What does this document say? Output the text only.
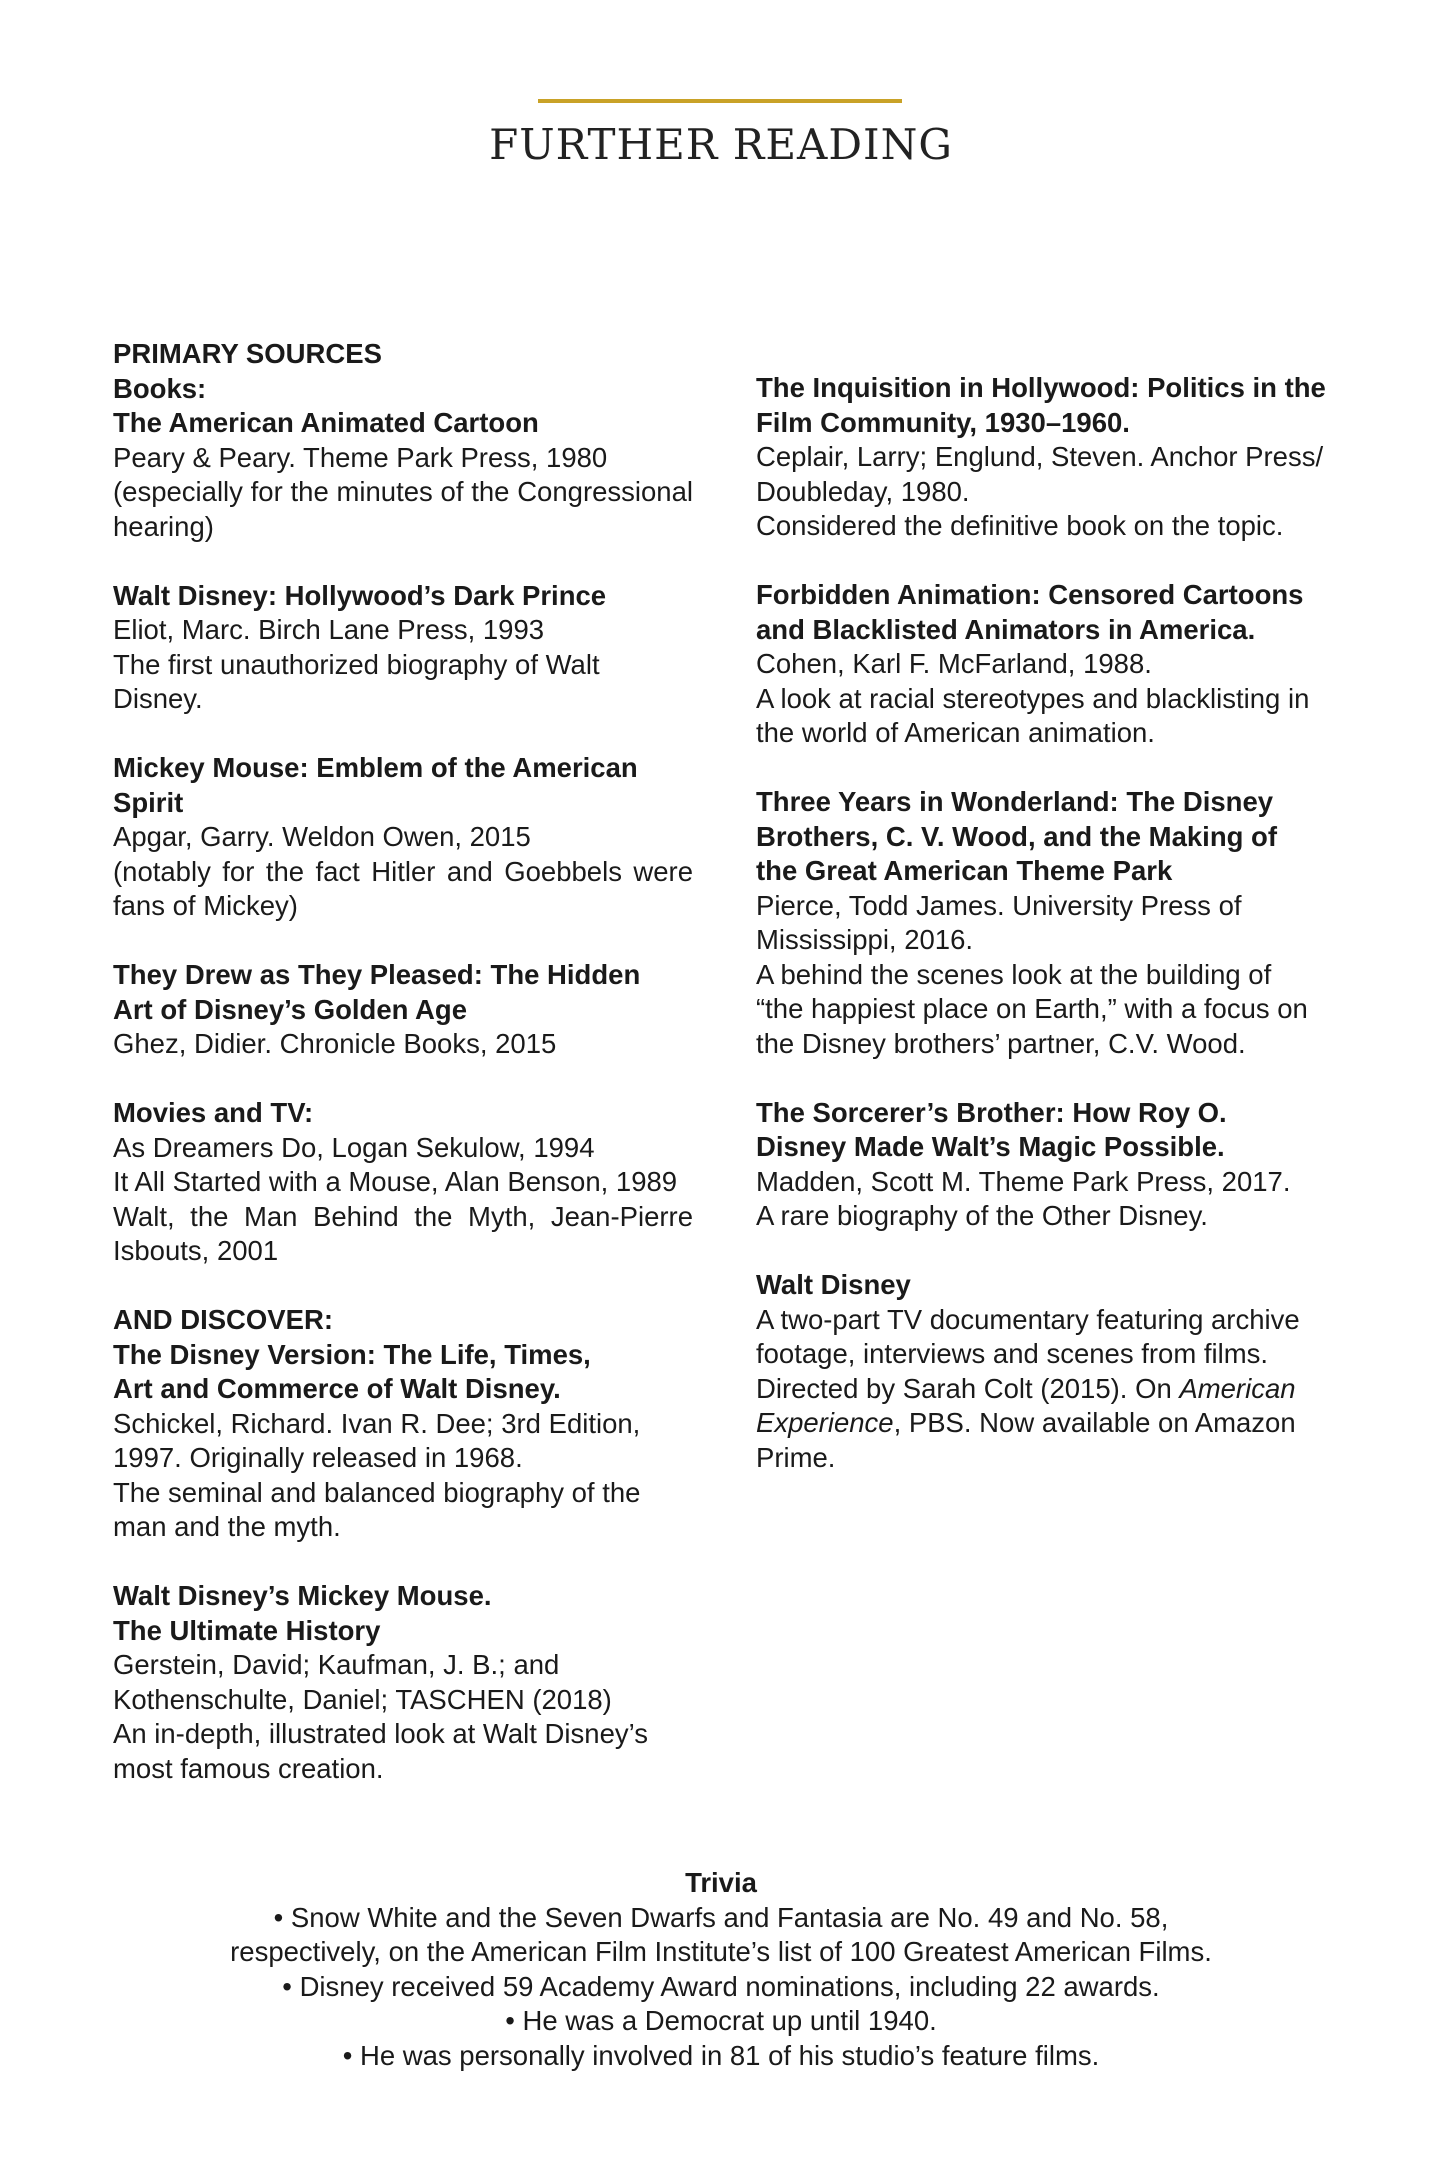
FURTHER READING
PRIMARY SOURCES
Books:
The American Animated Cartoon
Peary & Peary. Theme Park Press, 1980
(especially for the minutes of the Congressional hearing)
Walt Disney: Hollywood’s Dark Prince
Eliot, Marc. Birch Lane Press, 1993
The first unauthorized biography of Walt Disney.
Mickey Mouse: Emblem of the American Spirit
Apgar, Garry. Weldon Owen, 2015
(notably for the fact Hitler and Goebbels were fans of Mickey)
They Drew as They Pleased: The Hidden
Art of Disney’s Golden Age
Ghez, Didier. Chronicle Books, 2015
Movies and TV:
As Dreamers Do, Logan Sekulow, 1994
It All Started with a Mouse, Alan Benson, 1989
Walt, the Man Behind the Myth, Jean-Pierre Isbouts, 2001
AND DISCOVER:
The Disney Version: The Life, Times,
Art and Commerce of Walt Disney.
Schickel, Richard. Ivan R. Dee; 3rd Edition,
1997. Originally released in 1968.
The seminal and balanced biography of the
man and the myth.
Walt Disney’s Mickey Mouse.
The Ultimate History
Gerstein, David; Kaufman, J. B.; and
Kothenschulte, Daniel; TASCHEN (2018)
An in-depth, illustrated look at Walt Disney’s
most famous creation.
The Inquisition in Hollywood: Politics in the
Film Community, 1930–1960.
Ceplair, Larry; Englund, Steven. Anchor Press/
Doubleday, 1980.
Considered the definitive book on the topic.
Forbidden Animation: Censored Cartoons
and Blacklisted Animators in America.
Cohen, Karl F. McFarland, 1988.
A look at racial stereotypes and blacklisting in
the world of American animation.
Three Years in Wonderland: The Disney
Brothers, C. V. Wood, and the Making of
the Great American Theme Park
Pierce, Todd James. University Press of
Mississippi, 2016.
A behind the scenes look at the building of
“the happiest place on Earth,” with a focus on
the Disney brothers’ partner, C.V. Wood.
The Sorcerer’s Brother: How Roy O.
Disney Made Walt’s Magic Possible.
Madden, Scott M. Theme Park Press, 2017.
A rare biography of the Other Disney.
Walt Disney
A two-part TV documentary featuring archive
footage, interviews and scenes from films.
Directed by Sarah Colt (2015). On American
Experience, PBS. Now available on Amazon
Prime.
Trivia
• Snow White and the Seven Dwarfs and Fantasia are No. 49 and No. 58,
respectively, on the American Film Institute’s list of 100 Greatest American Films.
• Disney received 59 Academy Award nominations, including 22 awards.
• He was a Democrat up until 1940.
• He was personally involved in 81 of his studio’s feature films.
